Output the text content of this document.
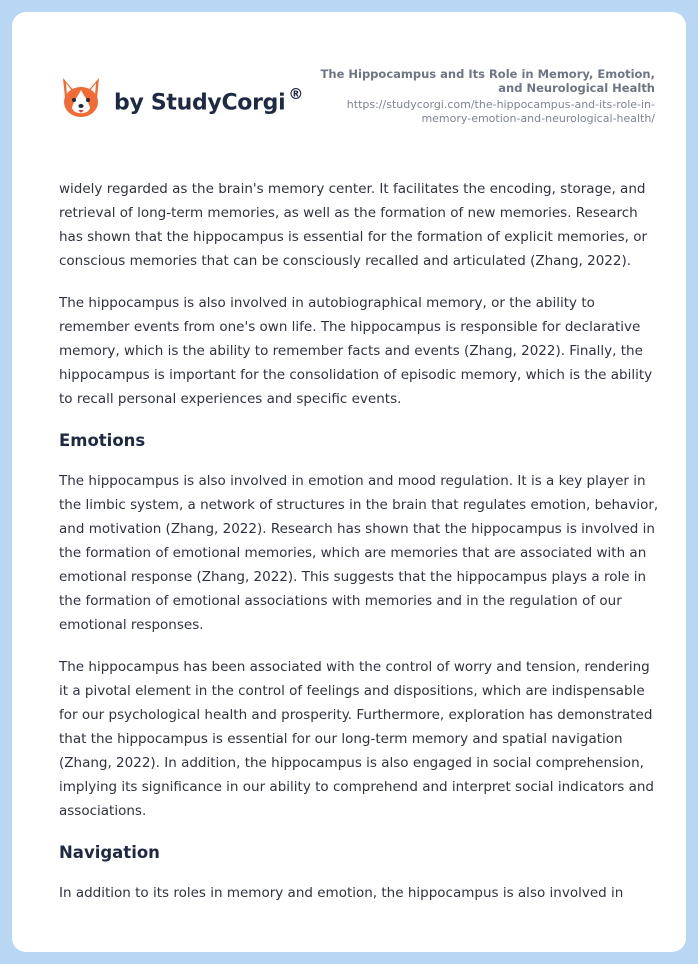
by StudyCorgi ®
The Hippocampus and Its Role in Memory, Emotion, and Neurological Health
https://studycorgi.com/the-hippocampus-and-its-role-in-memory-emotion-and-neurological-health/

widely regarded as the brain's memory center. It facilitates the encoding, storage, and retrieval of long-term memories, as well as the formation of new memories. Research has shown that the hippocampus is essential for the formation of explicit memories, or conscious memories that can be consciously recalled and articulated (Zhang, 2022).

The hippocampus is also involved in autobiographical memory, or the ability to remember events from one's own life. The hippocampus is responsible for declarative memory, which is the ability to remember facts and events (Zhang, 2022). Finally, the hippocampus is important for the consolidation of episodic memory, which is the ability to recall personal experiences and specific events.

Emotions

The hippocampus is also involved in emotion and mood regulation. It is a key player in the limbic system, a network of structures in the brain that regulates emotion, behavior, and motivation (Zhang, 2022). Research has shown that the hippocampus is involved in the formation of emotional memories, which are memories that are associated with an emotional response (Zhang, 2022). This suggests that the hippocampus plays a role in the formation of emotional associations with memories and in the regulation of our emotional responses.

The hippocampus has been associated with the control of worry and tension, rendering it a pivotal element in the control of feelings and dispositions, which are indispensable for our psychological health and prosperity. Furthermore, exploration has demonstrated that the hippocampus is essential for our long-term memory and spatial navigation (Zhang, 2022). In addition, the hippocampus is also engaged in social comprehension, implying its significance in our ability to comprehend and interpret social indicators and associations.

Navigation

In addition to its roles in memory and emotion, the hippocampus is also involved in
